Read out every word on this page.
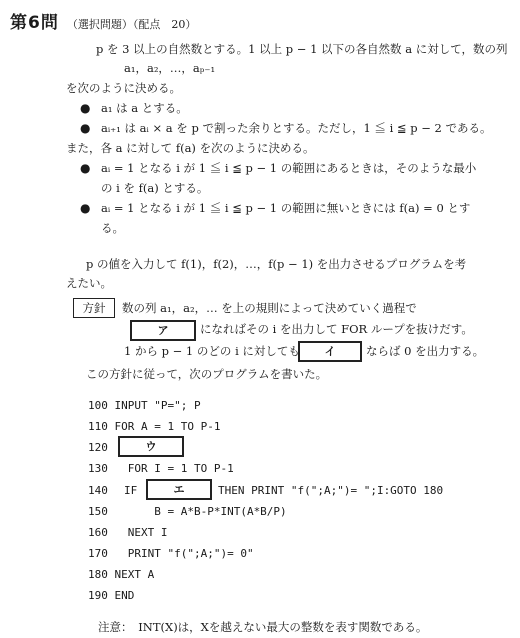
第6問 （選択問題）（配点　20）
p を 3 以上の自然数とする。1 以上 p − 1 以下の各自然数 a に対して，数の列
a₁，a₂，…，aₚ₋₁
を次のように決める。
● a₁ は a とする。
● aᵢ₊₁ は aᵢ × a を p で割った余りとする。ただし，1 ≦ i ≦ p − 2 である。
また，各 a に対して f(a) を次のように決める。
● aᵢ = 1 となる i が 1 ≦ i ≦ p − 1 の範囲にあるときは，そのような最小
の i を f(a) とする。
● aᵢ = 1 となる i が 1 ≦ i ≦ p − 1 の範囲に無いときには f(a) = 0 とす
る。
p の値を入力して f(1)，f(2)，…，f(p − 1) を出力させるプログラムを考
えたい。
方針	数の列 a₁，a₂，… を上の規則によって決めていく過程で
ア	になればその i を出力して FOR ループを抜けだす。
1 から p − 1 のどの i に対しても	イ	ならば 0 を出力する。
この方針に従って，次のプログラムを書いた。
100 INPUT "P="; P
110 FOR A = 1 TO P-1
120	ウ
130   FOR I = 1 TO P-1
140 IF	エ	THEN PRINT "f(";A;")= ";I:GOTO 180
150       B = A*B-P*INT(A*B/P)
160   NEXT I
170   PRINT "f(";A;")= 0"
180 NEXT A
190 END
注意：　INT(X)は，Xを越えない最大の整数を表す関数である。
